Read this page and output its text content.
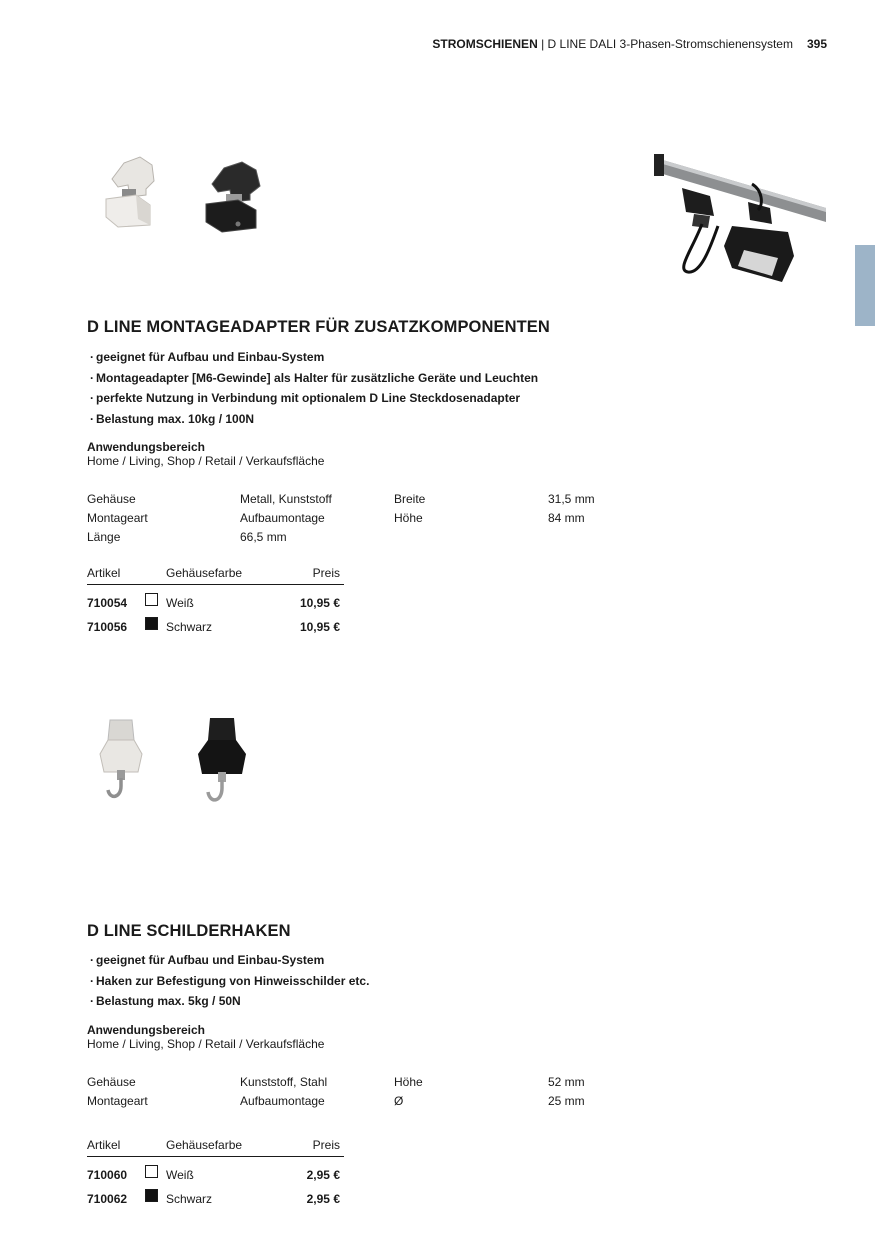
STROMSCHIENEN | D LINE DALI 3-Phasen-Stromschienensystem 395
D LINE MONTAGEADAPTER FÜR ZUSATZKOMPONENTEN
· geeignet für Aufbau und Einbau-System
· Montageadapter [M6-Gewinde] als Halter für zusätzliche Geräte und Leuchten
· perfekte Nutzung in Verbindung mit optionalem D Line Steckdosenadapter
· Belastung max. 10kg / 100N
Anwendungsbereich
Home / Living, Shop / Retail / Verkaufsfläche
Gehäuse	Metall, Kunststoff	Breite	31,5 mm
Montageart	Aufbaumontage	Höhe	84 mm
Länge	66,5 mm
Artikel	Gehäusefarbe	Preis
710054	Weiß	10,95 €
710056	Schwarz	10,95 €
D LINE SCHILDERHAKEN
· geeignet für Aufbau und Einbau-System
· Haken zur Befestigung von Hinweisschilder etc.
· Belastung max. 5kg / 50N
Anwendungsbereich
Home / Living, Shop / Retail / Verkaufsfläche
Gehäuse	Kunststoff, Stahl	Höhe	52 mm
Montageart	Aufbaumontage	Ø	25 mm
Artikel	Gehäusefarbe	Preis
710060	Weiß	2,95 €
710062	Schwarz	2,95 €
